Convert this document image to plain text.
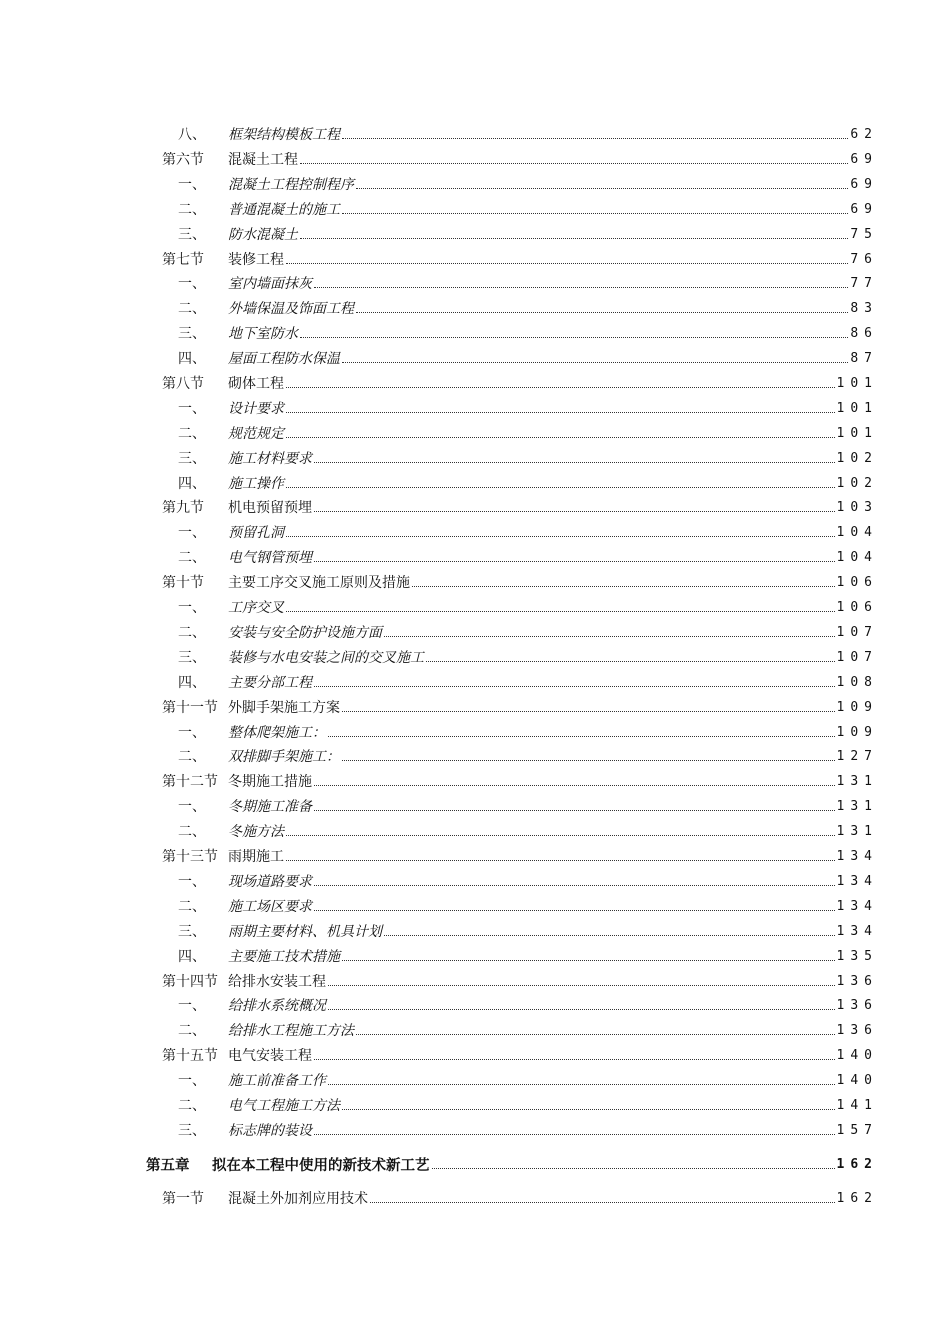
八、	框架结构模板工程	62
第六节	混凝土工程	69
一、	混凝土工程控制程序	69
二、	普通混凝土的施工	69
三、	防水混凝土	75
第七节	装修工程	76
一、	室内墙面抹灰	77
二、	外墙保温及饰面工程	83
三、	地下室防水	86
四、	屋面工程防水保温	87
第八节	砌体工程	101
一、	设计要求	101
二、	规范规定	101
三、	施工材料要求	102
四、	施工操作	102
第九节	机电预留预埋	103
一、	预留孔洞	104
二、	电气钢管预埋	104
第十节	主要工序交叉施工原则及措施	106
一、	工序交叉	106
二、	安装与安全防护设施方面	107
三、	装修与水电安装之间的交叉施工	107
四、	主要分部工程	108
第十一节 外脚手架施工方案	109
一、	整体爬架施工：	109
二、	双排脚手架施工：	127
第十二节 冬期施工措施	131
一、	冬期施工准备	131
二、	冬施方法	131
第十三节 雨期施工	134
一、	现场道路要求	134
二、	施工场区要求	134
三、	雨期主要材料、机具计划	134
四、	主要施工技术措施	135
第十四节 给排水安装工程	136
一、	给排水系统概况	136
二、	给排水工程施工方法	136
第十五节 电气安装工程	140
一、	施工前准备工作	140
二、	电气工程施工方法	141
三、	标志牌的装设	157
第五章	拟在本工程中使用的新技术新工艺	162
第一节	混凝土外加剂应用技术	162
